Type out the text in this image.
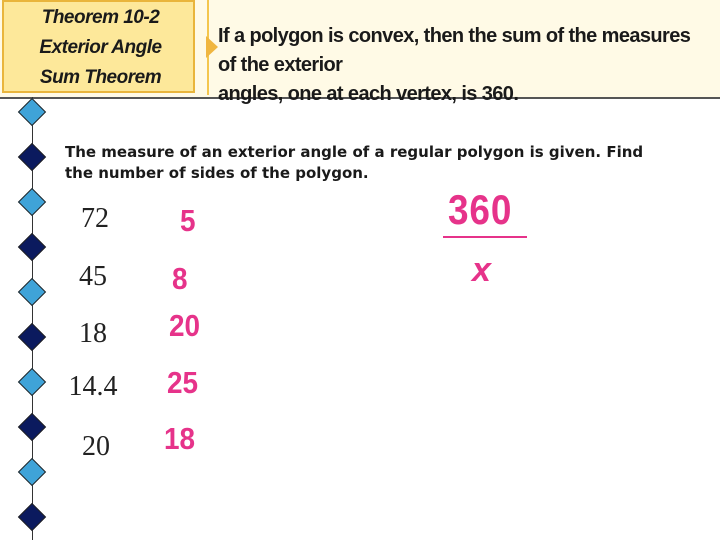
Theorem 10-2
Exterior Angle
Sum Theorem
If a polygon is convex, then the sum of the measures of the exterior
angles, one at each vertex, is 360.
The measure of an exterior angle of a regular polygon is given. Find
the number of sides of the polygon.
72
45
18
14.4
20
5
8
20
25
18
360
x
